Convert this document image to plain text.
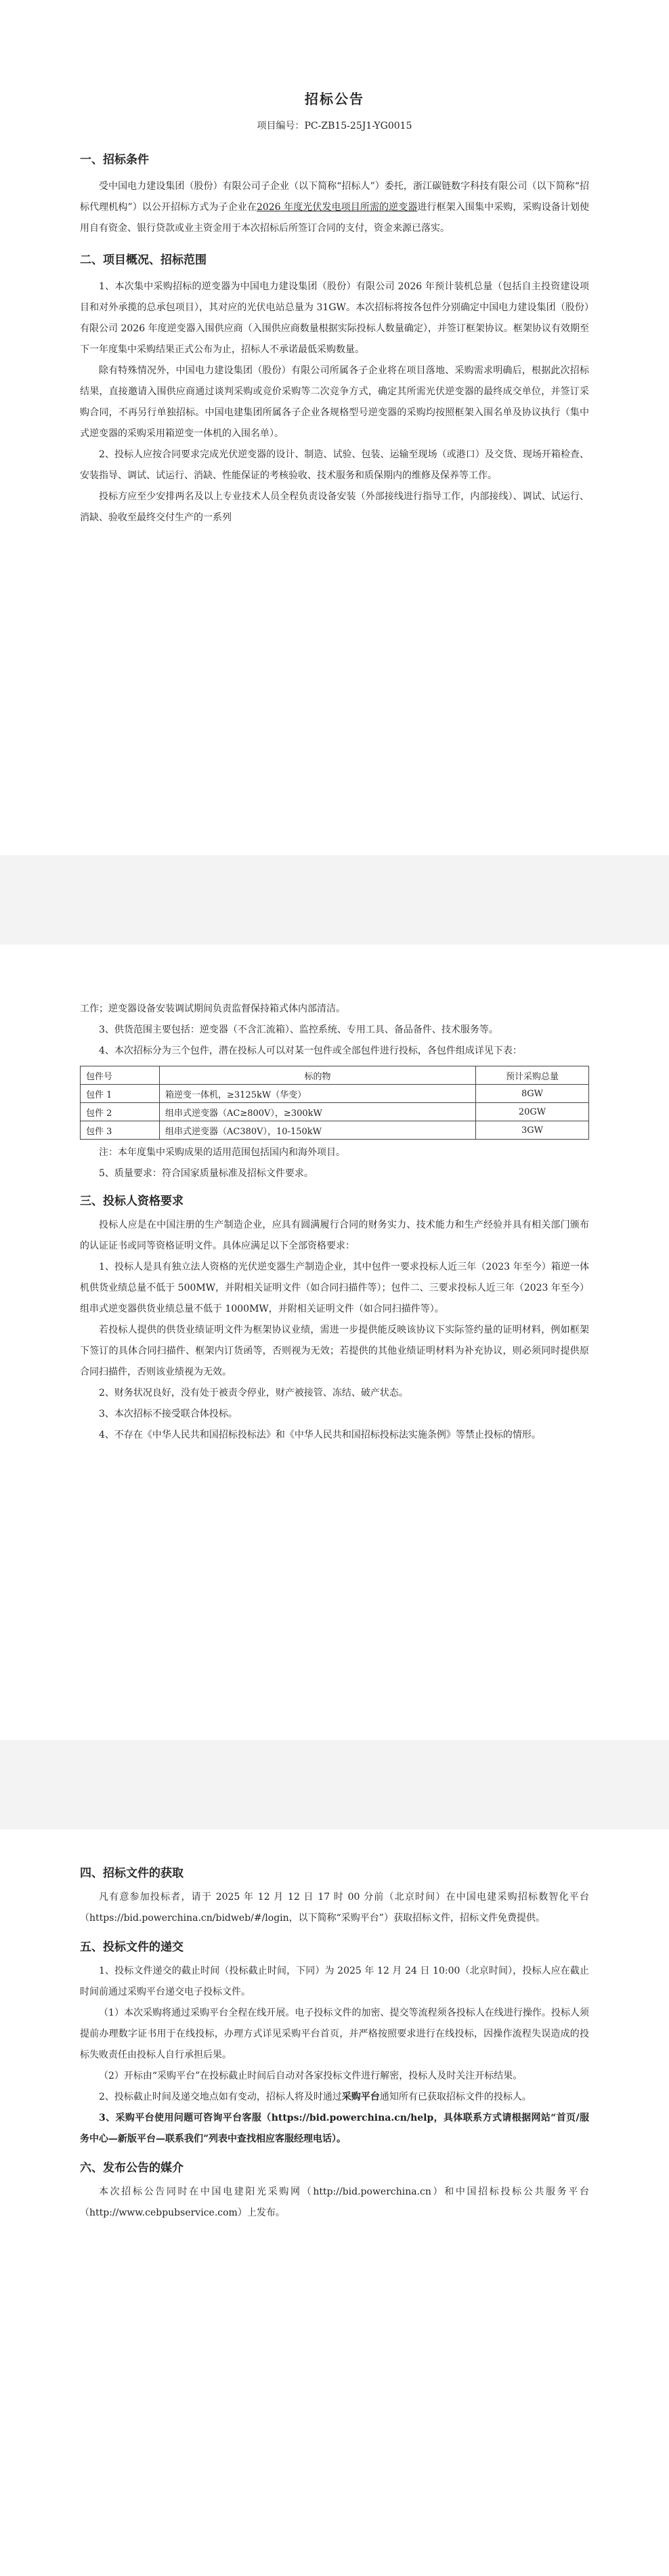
招标公告
项目编号：PC-ZB15-25J1-YG0015
一、招标条件

受中国电力建设集团（股份）有限公司子企业（以下简称“招标人”）委托，浙江碳链数字科技有限公司（以下简称“招标代理机构”）以公开招标方式为子企业在2026 年度光伏发电项目所需的逆变器进行框架入围集中采购，采购设备计划使用自有资金、银行贷款或业主资金用于本次招标后所签订合同的支付，资金来源已落实。

二、项目概况、招标范围

1、本次集中采购招标的逆变器为中国电力建设集团（股份）有限公司 2026 年预计装机总量（包括自主投资建设项目和对外承揽的总承包项目），其对应的光伏电站总量为 31GW。本次招标将按各包件分别确定中国电力建设集团（股份）有限公司 2026 年度逆变器入围供应商（入围供应商数量根据实际投标人数量确定），并签订框架协议。框架协议有效期至下一年度集中采购结果正式公布为止，招标人不承诺最低采购数量。

除有特殊情况外，中国电力建设集团（股份）有限公司所属各子企业将在项目落地、采购需求明确后，根据此次招标结果，直接邀请入围供应商通过谈判采购或竞价采购等二次竞争方式，确定其所需光伏逆变器的最终成交单位，并签订采购合同，不再另行单独招标。中国电建集团所属各子企业各规格型号逆变器的采购均按照框架入围名单及协议执行（集中式逆变器的采购采用箱逆变一体机的入围名单）。

2、投标人应按合同要求完成光伏逆变器的设计、制造、试验、包装、运输至现场（或港口）及交货、现场开箱检查、安装指导、调试、试运行、消缺、性能保证的考核验收、技术服务和质保期内的维修及保养等工作。

投标方应至少安排两名及以上专业技术人员全程负责设备安装（外部接线进行指导工作，内部接线）、调试、试运行、消缺、验收至最终交付生产的一系列

工作；逆变器设备安装调试期间负责监督保持箱式体内部清洁。

3、供货范围主要包括：逆变器（不含汇流箱）、监控系统、专用工具、备品备件、技术服务等。

4、本次招标分为三个包件，潜在投标人可以对某一包件或全部包件进行投标，各包件组成详见下表：

包件号	标的物	预计采购总量
包件 1	箱逆变一体机，≥3125kW（华变）	8GW
包件 2	组串式逆变器（AC≥800V），≥300kW	20GW
包件 3	组串式逆变器（AC380V），10-150kW	3GW

注：本年度集中采购成果的适用范围包括国内和海外项目。

5、质量要求：符合国家质量标准及招标文件要求。

三、投标人资格要求

投标人应是在中国注册的生产制造企业，应具有圆满履行合同的财务实力、技术能力和生产经验并具有相关部门颁布的认证证书或同等资格证明文件。具体应满足以下全部资格要求：

1、投标人是具有独立法人资格的光伏逆变器生产制造企业，其中包件一要求投标人近三年（2023 年至今）箱逆一体机供货业绩总量不低于 500MW，并附相关证明文件（如合同扫描件等）；包件二、三要求投标人近三年（2023 年至今）组串式逆变器供货业绩总量不低于 1000MW，并附相关证明文件（如合同扫描件等）。

若投标人提供的供货业绩证明文件为框架协议业绩，需进一步提供能反映该协议下实际签约量的证明材料，例如框架下签订的具体合同扫描件、框架内订货函等，否则视为无效；若提供的其他业绩证明材料为补充协议，则必须同时提供原合同扫描件，否则该业绩视为无效。

2、财务状况良好，没有处于被责令停业，财产被接管、冻结、破产状态。

3、本次招标不接受联合体投标。

4、不存在《中华人民共和国招标投标法》和《中华人民共和国招标投标法实施条例》等禁止投标的情形。

四、招标文件的获取

凡有意参加投标者，请于 2025 年 12 月 12 日 17 时 00 分前（北京时间）在中国电建采购招标数智化平台（https://bid.powerchina.cn/bidweb/#/login，以下简称“采购平台”）获取招标文件，招标文件免费提供。

五、投标文件的递交

1、投标文件递交的截止时间（投标截止时间，下同）为 2025 年 12 月 24 日 10:00（北京时间），投标人应在截止时间前通过采购平台递交电子投标文件。

（1）本次采购将通过采购平台全程在线开展。电子投标文件的加密、提交等流程须各投标人在线进行操作。投标人须提前办理数字证书用于在线投标，办理方式详见采购平台首页，并严格按照要求进行在线投标，因操作流程失误造成的投标失败责任由投标人自行承担后果。

（2）开标由“采购平台”在投标截止时间后自动对各家投标文件进行解密，投标人及时关注开标结果。

2、投标截止时间及递交地点如有变动，招标人将及时通过采购平台通知所有已获取招标文件的投标人。

3、采购平台使用问题可咨询平台客服（https://bid.powerchina.cn/help，具体联系方式请根据网站“首页/服务中心—新版平台—联系我们”列表中查找相应客服经理电话）。

六、发布公告的媒介

本次招标公告同时在中国电建阳光采购网（http://bid.powerchina.cn）和中国招标投标公共服务平台（http://www.cebpubservice.com）上发布。
